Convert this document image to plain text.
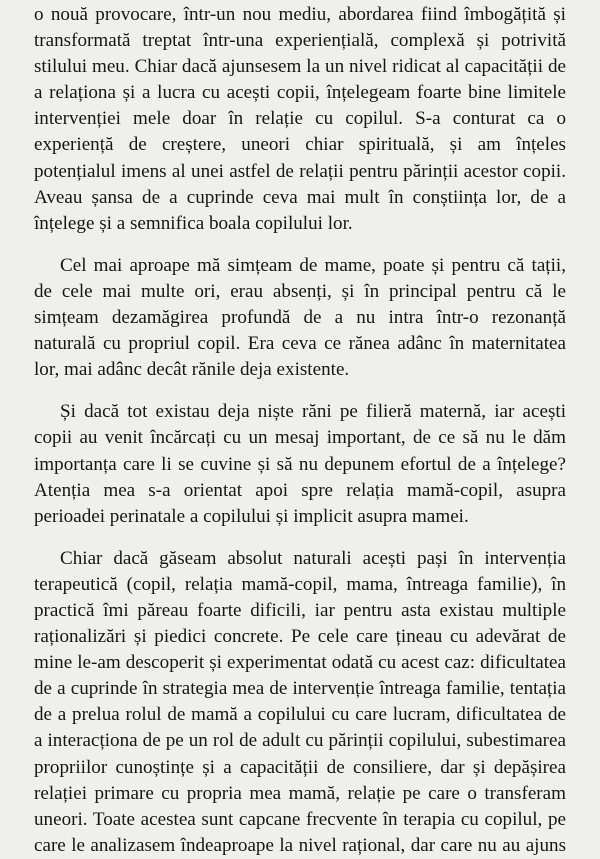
o nouă provocare, într-un nou mediu, abordarea fiind îmbogățită și
transformată treptat într-una experiențială, complexă și potrivită
stilului meu. Chiar dacă ajunsesem la un nivel ridicat al capacității de
a relaționa și a lucra cu acești copii, înțelegeam foarte bine limitele
intervenției mele doar în relație cu copilul. S-a conturat ca o
experiență de creștere, uneori chiar spirituală, și am înțeles
potențialul imens al unei astfel de relații pentru părinții acestor copii.
Aveau șansa de a cuprinde ceva mai mult în conștiința lor, de a
înțelege și a semnifica boala copilului lor.
Cel mai aproape mă simțeam de mame, poate și pentru că tații,
de cele mai multe ori, erau absenți, și în principal pentru că le
simțeam dezamăgirea profundă de a nu intra într-o rezonanță
naturală cu propriul copil. Era ceva ce rănea adânc în maternitatea
lor, mai adânc decât rănile deja existente.
Și dacă tot existau deja niște răni pe filieră maternă, iar acești
copii au venit încărcați cu un mesaj important, de ce să nu le dăm
importanța care li se cuvine și să nu depunem efortul de a înțelege?
Atenția mea s-a orientat apoi spre relația mamă-copil, asupra
perioadei perinatale a copilului și implicit asupra mamei.
Chiar dacă găseam absolut naturali acești pași în intervenția
terapeutică (copil, relația mamă-copil, mama, întreaga familie), în
practică îmi păreau foarte dificili, iar pentru asta existau multiple
raționalizări și piedici concrete. Pe cele care țineau cu adevărat de
mine le-am descoperit și experimentat odată cu acest caz: dificultatea
de a cuprinde în strategia mea de intervenție întreaga familie, tentația
de a prelua rolul de mamă a copilului cu care lucram, dificultatea de
a interacționa de pe un rol de adult cu părinții copilului, subestimarea
propriilor cunoștințe și a capacității de consiliere, dar și depășirea
relației primare cu propria mea mamă, relație pe care o transferam
uneori. Toate acestea sunt capcane frecvente în terapia cu copilul, pe
care le analizasem îndeaproape la nivel rațional, dar care nu au ajuns
